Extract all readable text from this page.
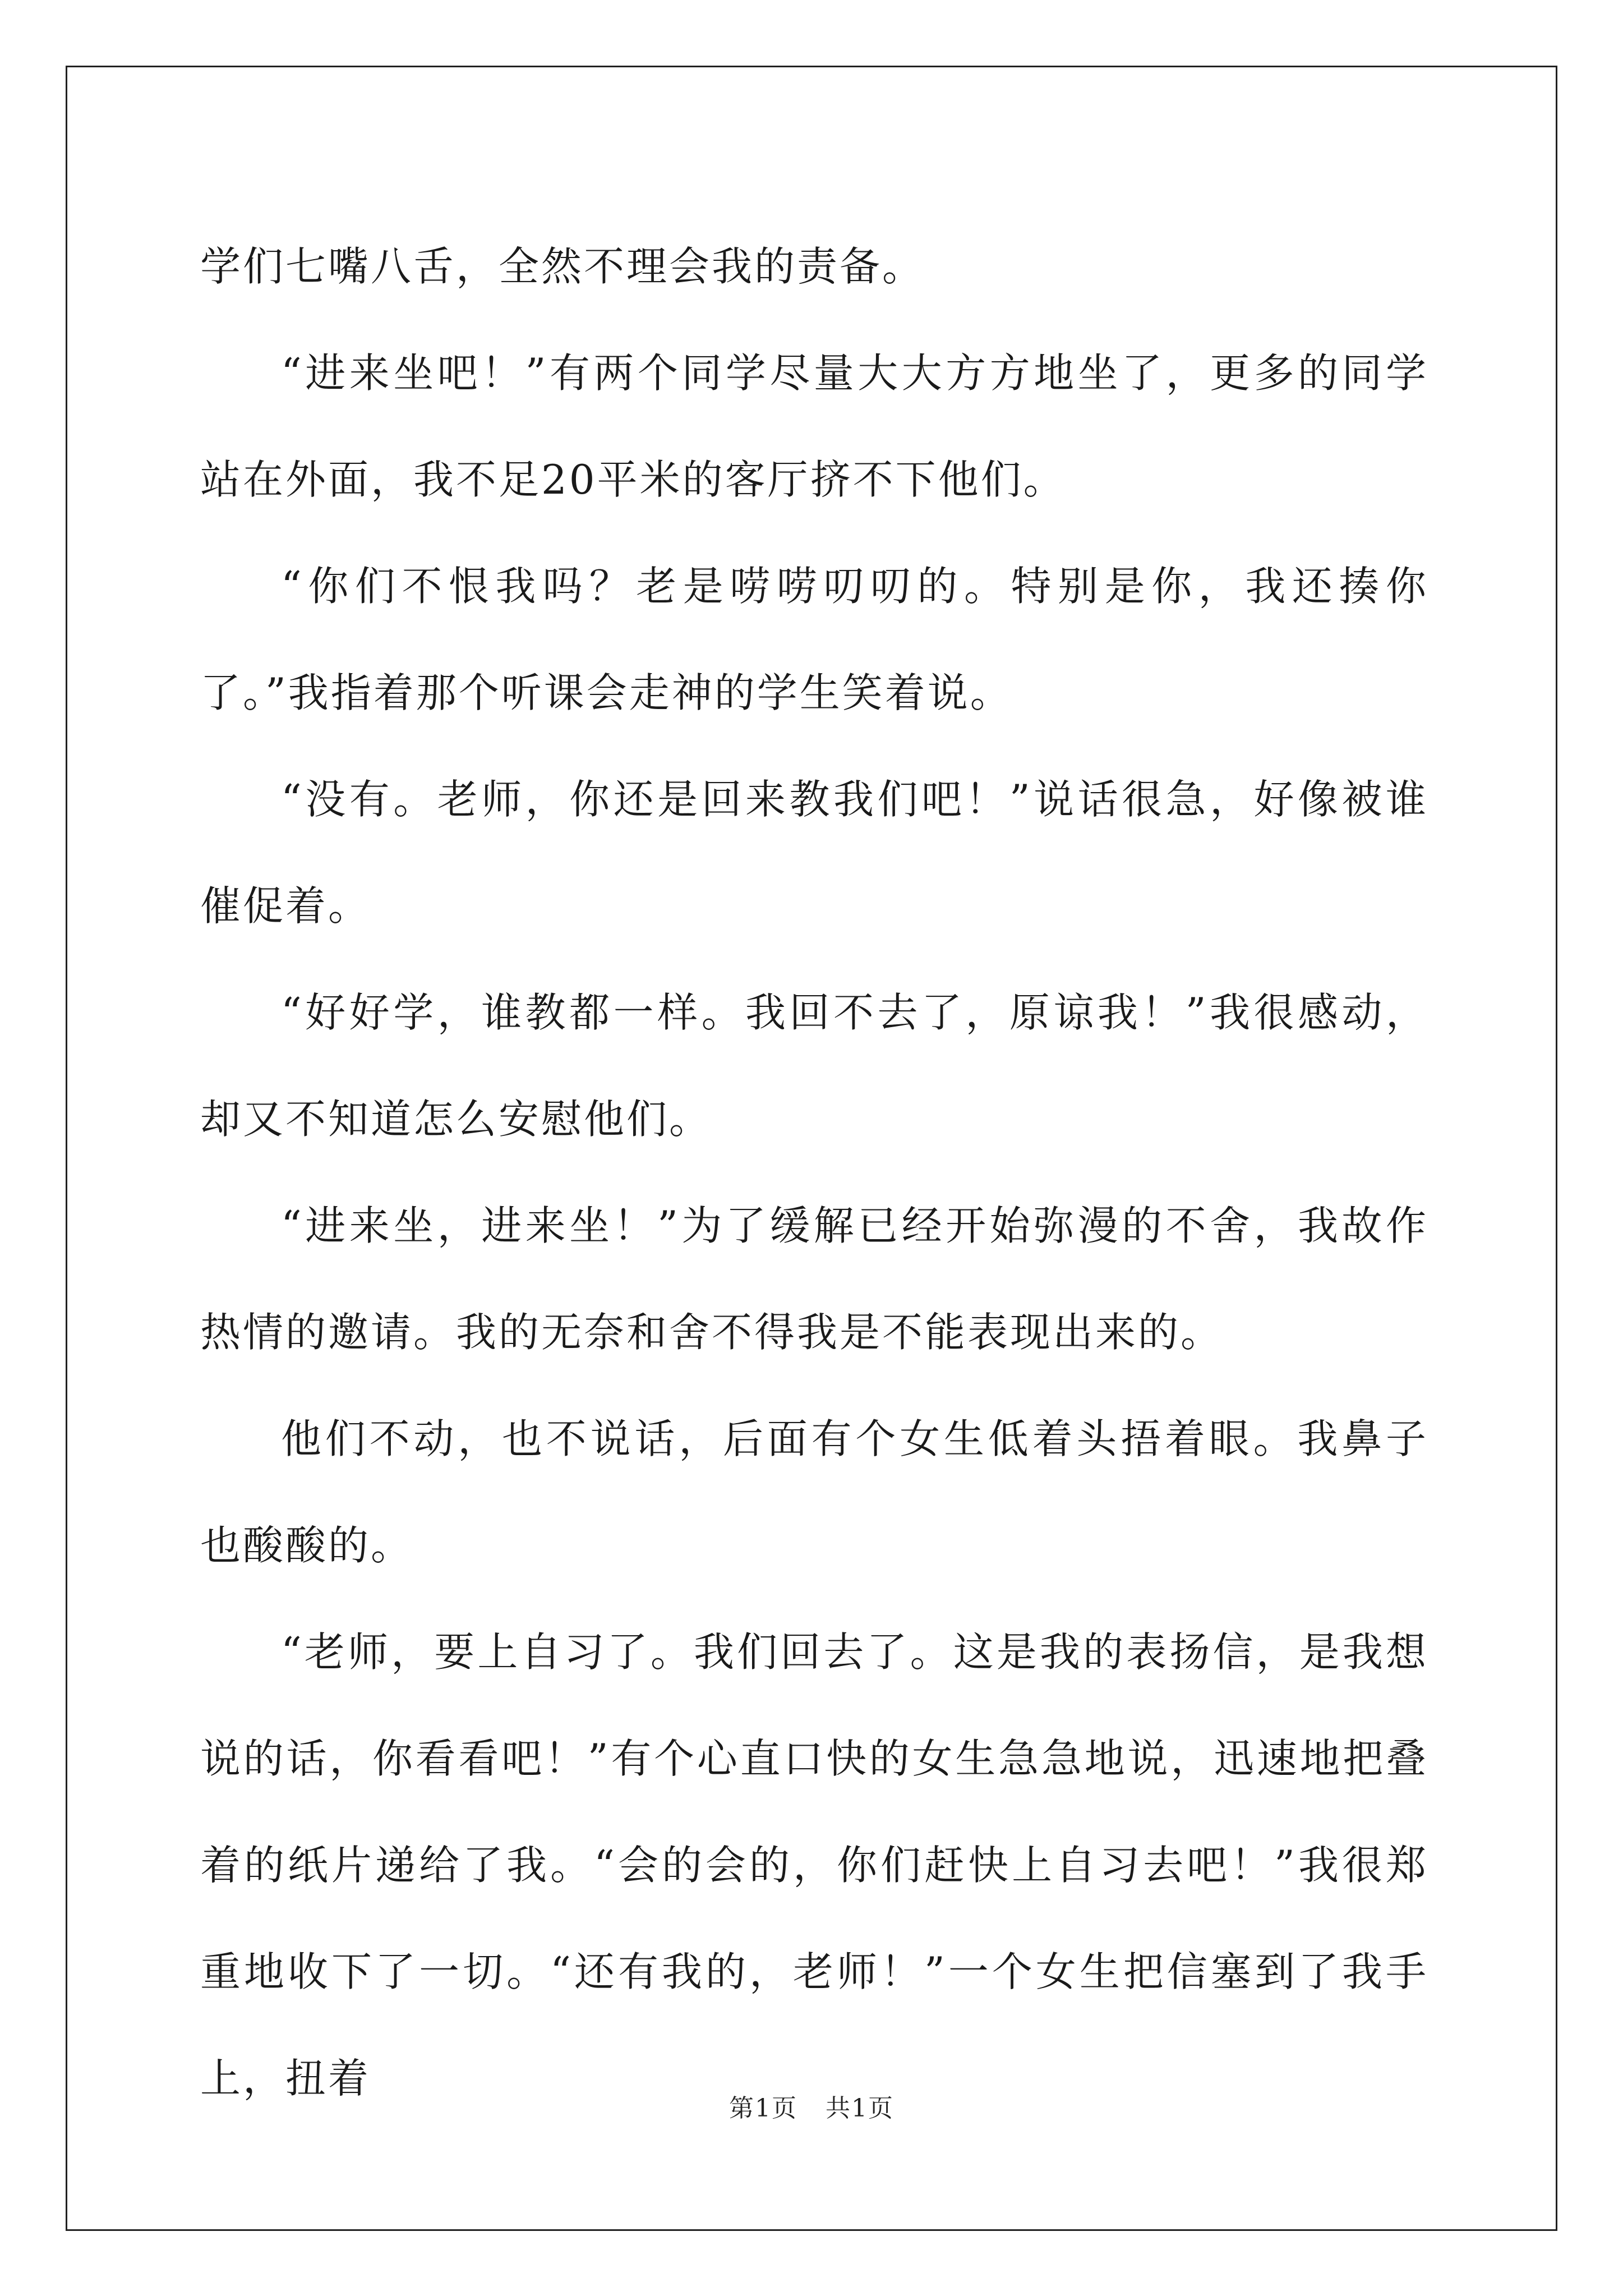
学们七嘴八舌，全然不理会我的责备。

“进来坐吧！”有两个同学尽量大大方方地坐了，更多的同学站在外面，我不足20平米的客厅挤不下他们。

“你们不恨我吗？老是唠唠叨叨的。特别是你，我还揍你了。”我指着那个听课会走神的学生笑着说。

“没有。老师，你还是回来教我们吧！”说话很急，好像被谁催促着。

“好好学，谁教都一样。我回不去了，原谅我！”我很感动，却又不知道怎么安慰他们。

“进来坐，进来坐！”为了缓解已经开始弥漫的不舍，我故作热情的邀请。我的无奈和舍不得我是不能表现出来的。

他们不动，也不说话，后面有个女生低着头捂着眼。我鼻子也酸酸的。

“老师，要上自习了。我们回去了。这是我的表扬信，是我想说的话，你看看吧！”有个心直口快的女生急急地说，迅速地把叠着的纸片递给了我。“会的会的，你们赶快上自习去吧！”我很郑重地收下了一切。“还有我的，老师！”一个女生把信塞到了我手上，扭着

第1页 共1页
